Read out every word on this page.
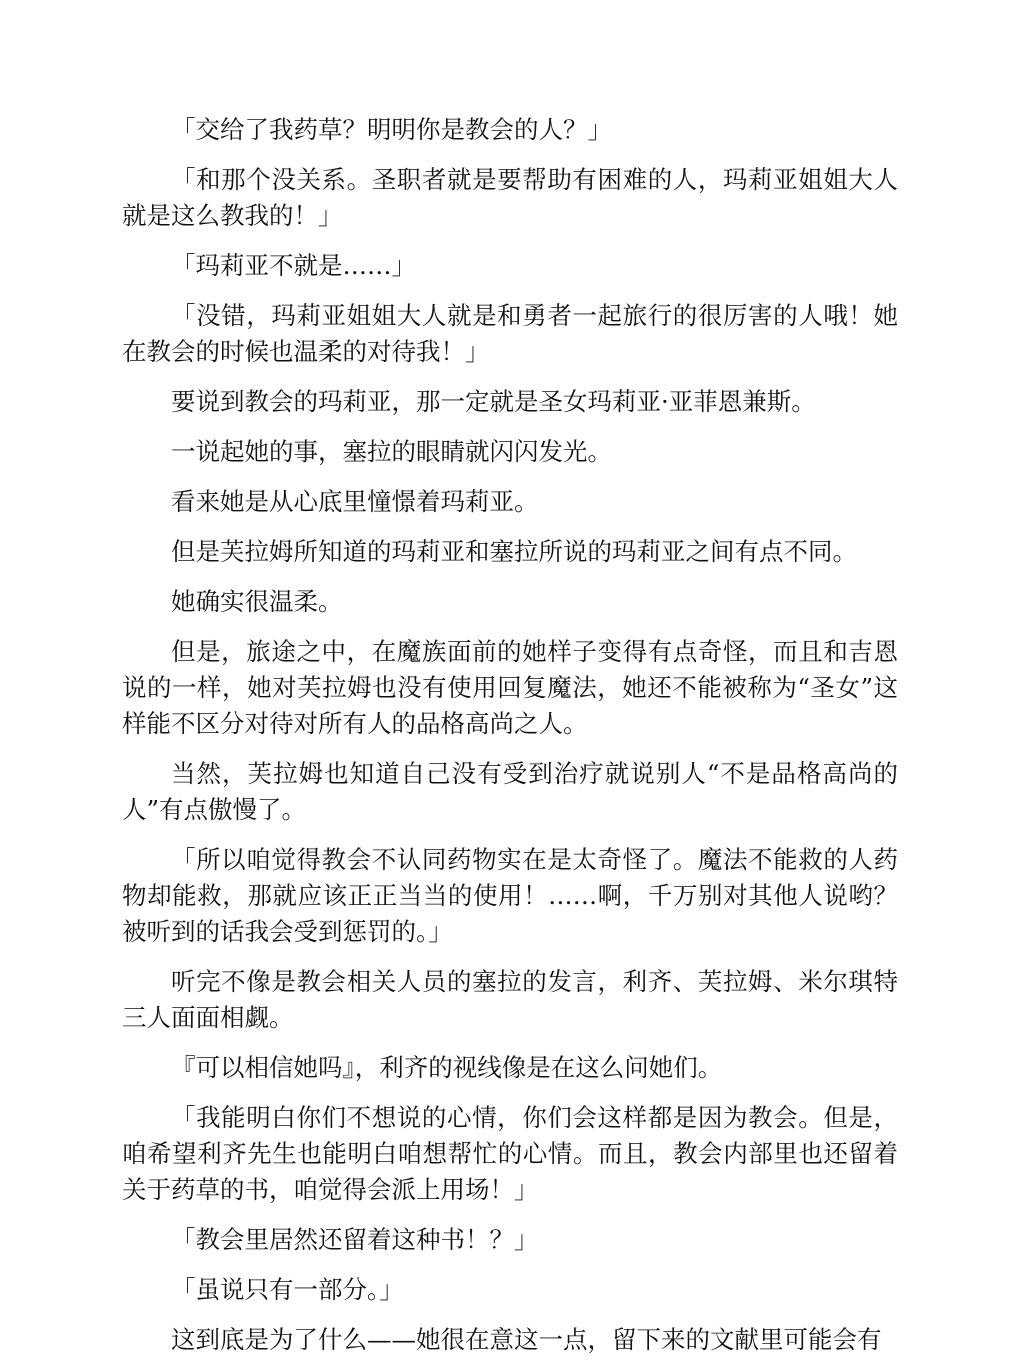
「交给了我药草？明明你是教会的人？」

「和那个没关系。圣职者就是要帮助有困难的人，玛莉亚姐姐大人就是这么教我的！」

「玛莉亚不就是……」

「没错，玛莉亚姐姐大人就是和勇者一起旅行的很厉害的人哦！她在教会的时候也温柔的对待我！」

要说到教会的玛莉亚，那一定就是圣女玛莉亚·亚菲恩兼斯。

一说起她的事，塞拉的眼睛就闪闪发光。

看来她是从心底里憧憬着玛莉亚。

但是芙拉姆所知道的玛莉亚和塞拉所说的玛莉亚之间有点不同。

她确实很温柔。

但是，旅途之中，在魔族面前的她样子变得有点奇怪，而且和吉恩说的一样，她对芙拉姆也没有使用回复魔法，她还不能被称为“圣女”这样能不区分对待对所有人的品格高尚之人。

当然，芙拉姆也知道自己没有受到治疗就说别人“不是品格高尚的人”有点傲慢了。

「所以咱觉得教会不认同药物实在是太奇怪了。魔法不能救的人药物却能救，那就应该正正当当的使用！……啊，千万别对其他人说哟？被听到的话我会受到惩罚的。」

听完不像是教会相关人员的塞拉的发言，利齐、芙拉姆、米尔琪特三人面面相觑。

『可以相信她吗』，利齐的视线像是在这么问她们。

「我能明白你们不想说的心情，你们会这样都是因为教会。但是，咱希望利齐先生也能明白咱想帮忙的心情。而且，教会内部里也还留着关于药草的书，咱觉得会派上用场！」

「教会里居然还留着这种书！？」

「虽说只有一部分。」

这到底是为了什么——她很在意这一点，留下来的文献里可能会有
